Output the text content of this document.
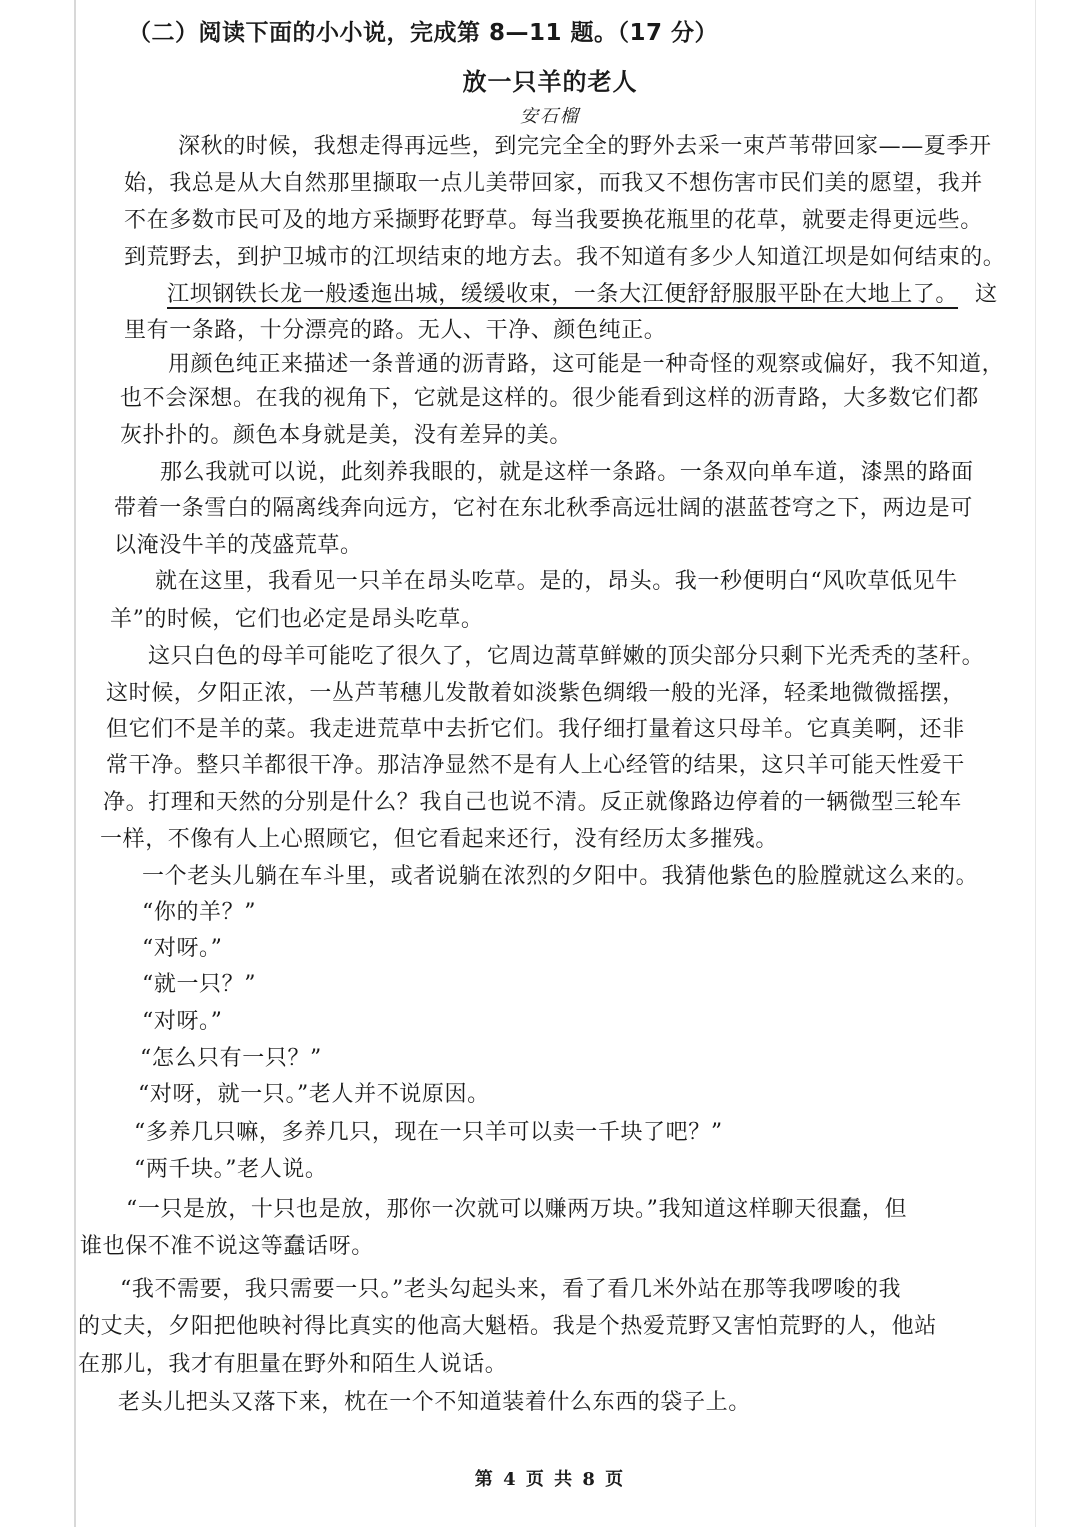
（二）阅读下面的小小说，完成第 8—11 题。（17 分）
放一只羊的老人
安石榴
深秋的时候，我想走得再远些，到完完全全的野外去采一束芦苇带回家——夏季开
始，我总是从大自然那里撷取一点儿美带回家，而我又不想伤害市民们美的愿望，我并
不在多数市民可及的地方采撷野花野草。每当我要换花瓶里的花草，就要走得更远些。
到荒野去，到护卫城市的江坝结束的地方去。我不知道有多少人知道江坝是如何结束的。
江坝钢铁长龙一般逶迤出城，缓缓收束，一条大江便舒舒服服平卧在大地上了。 这
里有一条路，十分漂亮的路。无人、干净、颜色纯正。
用颜色纯正来描述一条普通的沥青路，这可能是一种奇怪的观察或偏好，我不知道，
也不会深想。在我的视角下，它就是这样的。很少能看到这样的沥青路，大多数它们都
灰扑扑的。颜色本身就是美，没有差异的美。
那么我就可以说，此刻养我眼的，就是这样一条路。一条双向单车道，漆黑的路面
带着一条雪白的隔离线奔向远方，它衬在东北秋季高远壮阔的湛蓝苍穹之下，两边是可
以淹没牛羊的茂盛荒草。
就在这里，我看见一只羊在昂头吃草。是的，昂头。我一秒便明白“风吹草低见牛
羊”的时候，它们也必定是昂头吃草。
这只白色的母羊可能吃了很久了，它周边蒿草鲜嫩的顶尖部分只剩下光秃秃的茎秆。
这时候，夕阳正浓，一丛芦苇穗儿发散着如淡紫色绸缎一般的光泽，轻柔地微微摇摆，
但它们不是羊的菜。我走进荒草中去折它们。我仔细打量着这只母羊。它真美啊，还非
常干净。整只羊都很干净。那洁净显然不是有人上心经管的结果，这只羊可能天性爱干
净。打理和天然的分别是什么？我自己也说不清。反正就像路边停着的一辆微型三轮车
一样，不像有人上心照顾它，但它看起来还行，没有经历太多摧残。
一个老头儿躺在车斗里，或者说躺在浓烈的夕阳中。我猜他紫色的脸膛就这么来的。
“你的羊？”
“对呀。”
“就一只？”
“对呀。”
“怎么只有一只？”
“对呀，就一只。”老人并不说原因。
“多养几只嘛，多养几只，现在一只羊可以卖一千块了吧？”
“两千块。”老人说。
“一只是放，十只也是放，那你一次就可以赚两万块。”我知道这样聊天很蠢，但
谁也保不准不说这等蠢话呀。
“我不需要，我只需要一只。”老头勾起头来，看了看几米外站在那等我啰唆的我
的丈夫，夕阳把他映衬得比真实的他高大魁梧。我是个热爱荒野又害怕荒野的人，他站
在那儿，我才有胆量在野外和陌生人说话。
老头儿把头又落下来，枕在一个不知道装着什么东西的袋子上。
第 4 页 共 8 页
